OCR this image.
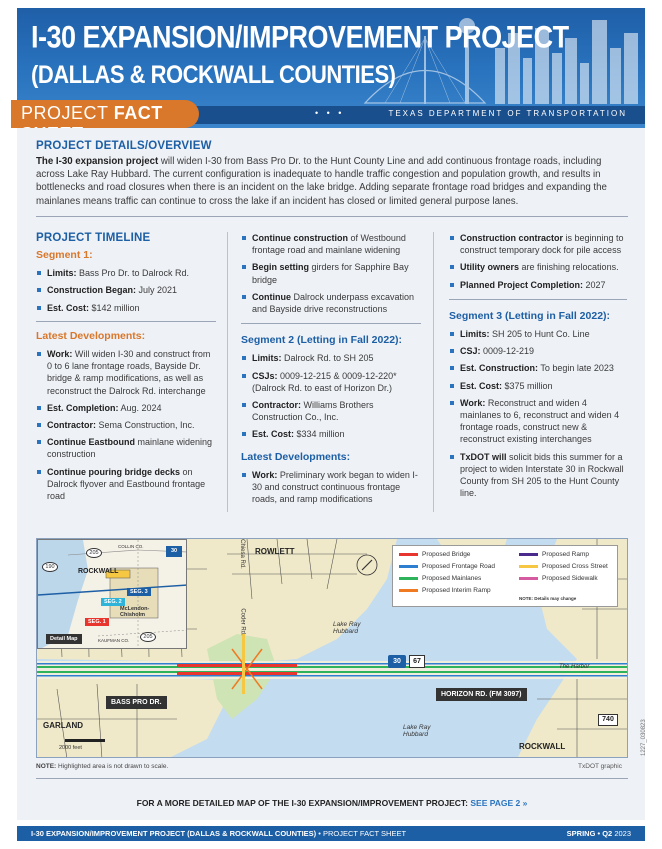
I-30 EXPANSION/IMPROVEMENT PROJECT
(DALLAS & ROCKWALL COUNTIES)
• • •	TEXAS DEPARTMENT OF TRANSPORTATION
PROJECT FACT
PROJECT DETAILS/OVERVIEW

The I-30 expansion project will widen I-30 from Bass Pro Dr. to the Hunt County Line and add continuous frontage roads, including across Lake Ray Hubbard. The current configuration is inadequate to handle traffic congestion and population growth, and results in bottlenecks and road closures when there is an incident on the lake bridge. Adding separate frontage road bridges and expanding the mainlanes means traffic can continue to cross the lake if an incident has closed or limited general purpose lanes.

PROJECT TIMELINE
Segment 1:
Limits: Bass Pro Dr. to Dalrock Rd.
Construction Began: July 2021
Est. Cost: $142 million
Latest Developments:
Work: Will widen I-30 and construct from 0 to 6 lane frontage roads, Bayside Dr. bridge & ramp modifications, as well as reconstruct the Dalrock Rd. interchange
Est. Completion: Aug. 2024
Contractor: Sema Construction, Inc.
Continue Eastbound mainlane widening construction
Continue pouring bridge decks on Dalrock flyover and Eastbound frontage road
Continue construction of Westbound frontage road and mainlane widening
Begin setting girders for Sapphire Bay bridge
Continue Dalrock underpass excavation and Bayside drive reconstructions
Segment 2 (Letting in Fall 2022):
Limits: Dalrock Rd. to SH 205
CSJs: 0009-12-215 & 0009-12-220* (Dalrock Rd. to east of Horizon Dr.)
Contractor: Williams Brothers Construction Co., Inc.
Est. Cost: $334 million
Latest Developments:
Work: Preliminary work began to widen I-30 and construct continuous frontage roads, and ramp modifications
Construction contractor is beginning to construct temporary dock for pile access
Utility owners are finishing relocations.
Planned Project Completion: 2027
Segment 3 (Letting in Fall 2022):
Limits: SH 205 to Hunt Co. Line
CSJ: 0009-12-219
Est. Construction: To begin late 2023
Est. Cost: $375 million
Work: Reconstruct and widen 4 mainlanes to 6, reconstruct and widen 4 frontage roads, construct new & reconstruct existing interchanges
TxDOT will solicit bids this summer for a project to widen Interstate 30 in Rockwall County from SH 205 to the Hunt County line.
ROWLETT
GARLAND
ROCKWALL
Lake Ray
Hubbard
Lake Ray
Hubbard
The Harbor
Chiesa Rd.
Coder Rd.
2000 feet
BASS PRO DR.
HORIZON RD. (FM 3097)
30	67
740
Proposed Bridge
Proposed Frontage Road
Proposed Mainlanes
Proposed Interim Ramp
Proposed Ramp
Proposed Cross Street
Proposed Sidewalk
NOTE: Details may change
ROCKWALL
McLendon-Chisholm
SEG. 1
SEG. 2
SEG. 3
Detail Map
190
205
205
30
COLLIN CO.
KAUFMAN CO.
NOTE: Highlighted area is not drawn to scale.	TxDOT graphic
FOR A MORE DETAILED MAP OF THE I-30 EXPANSION/IMPROVEMENT PROJECT: SEE PAGE 2 »
1227_030823
I-30 EXPANSION/IMPROVEMENT PROJECT (DALLAS & ROCKWALL COUNTIES) • PROJECT FACT SHEET	SPRING • Q2 2023
